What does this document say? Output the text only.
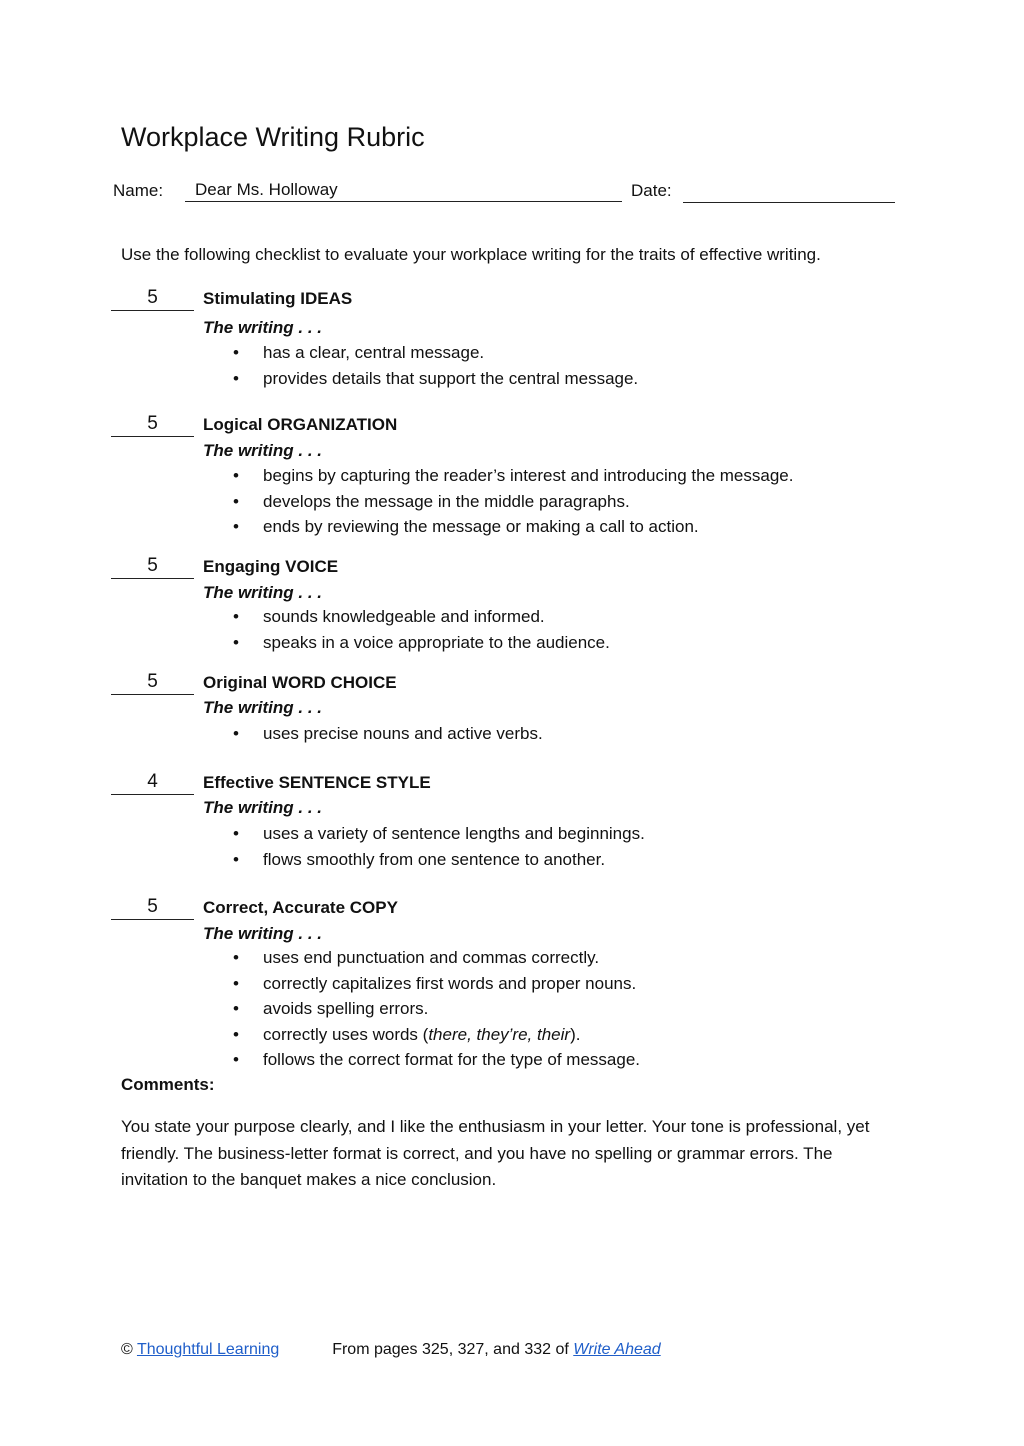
Workplace Writing Rubric
Name:	Dear Ms. Holloway	Date:
Use the following checklist to evaluate your workplace writing for the traits of effective writing.
5	Stimulating IDEAS
The writing . . .
• has a clear, central message.
• provides details that support the central message.
5	Logical ORGANIZATION
The writing . . .
• begins by capturing the reader’s interest and introducing the message.
• develops the message in the middle paragraphs.
• ends by reviewing the message or making a call to action.
5	Engaging VOICE
The writing . . .
• sounds knowledgeable and informed.
• speaks in a voice appropriate to the audience.
5	Original WORD CHOICE
The writing . . .
• uses precise nouns and active verbs.
4	Effective SENTENCE STYLE
The writing . . .
• uses a variety of sentence lengths and beginnings.
• flows smoothly from one sentence to another.
5	Correct, Accurate COPY
The writing . . .
• uses end punctuation and commas correctly.
• correctly capitalizes first words and proper nouns.
• avoids spelling errors.
• correctly uses words (there, they’re, their).
• follows the correct format for the type of message.
Comments:
You state your purpose clearly, and I like the enthusiasm in your letter. Your tone is professional, yet friendly. The business-letter format is correct, and you have no spelling or grammar errors. The invitation to the banquet makes a nice conclusion.
© Thoughtful Learning	From pages 325, 327, and 332 of Write Ahead
